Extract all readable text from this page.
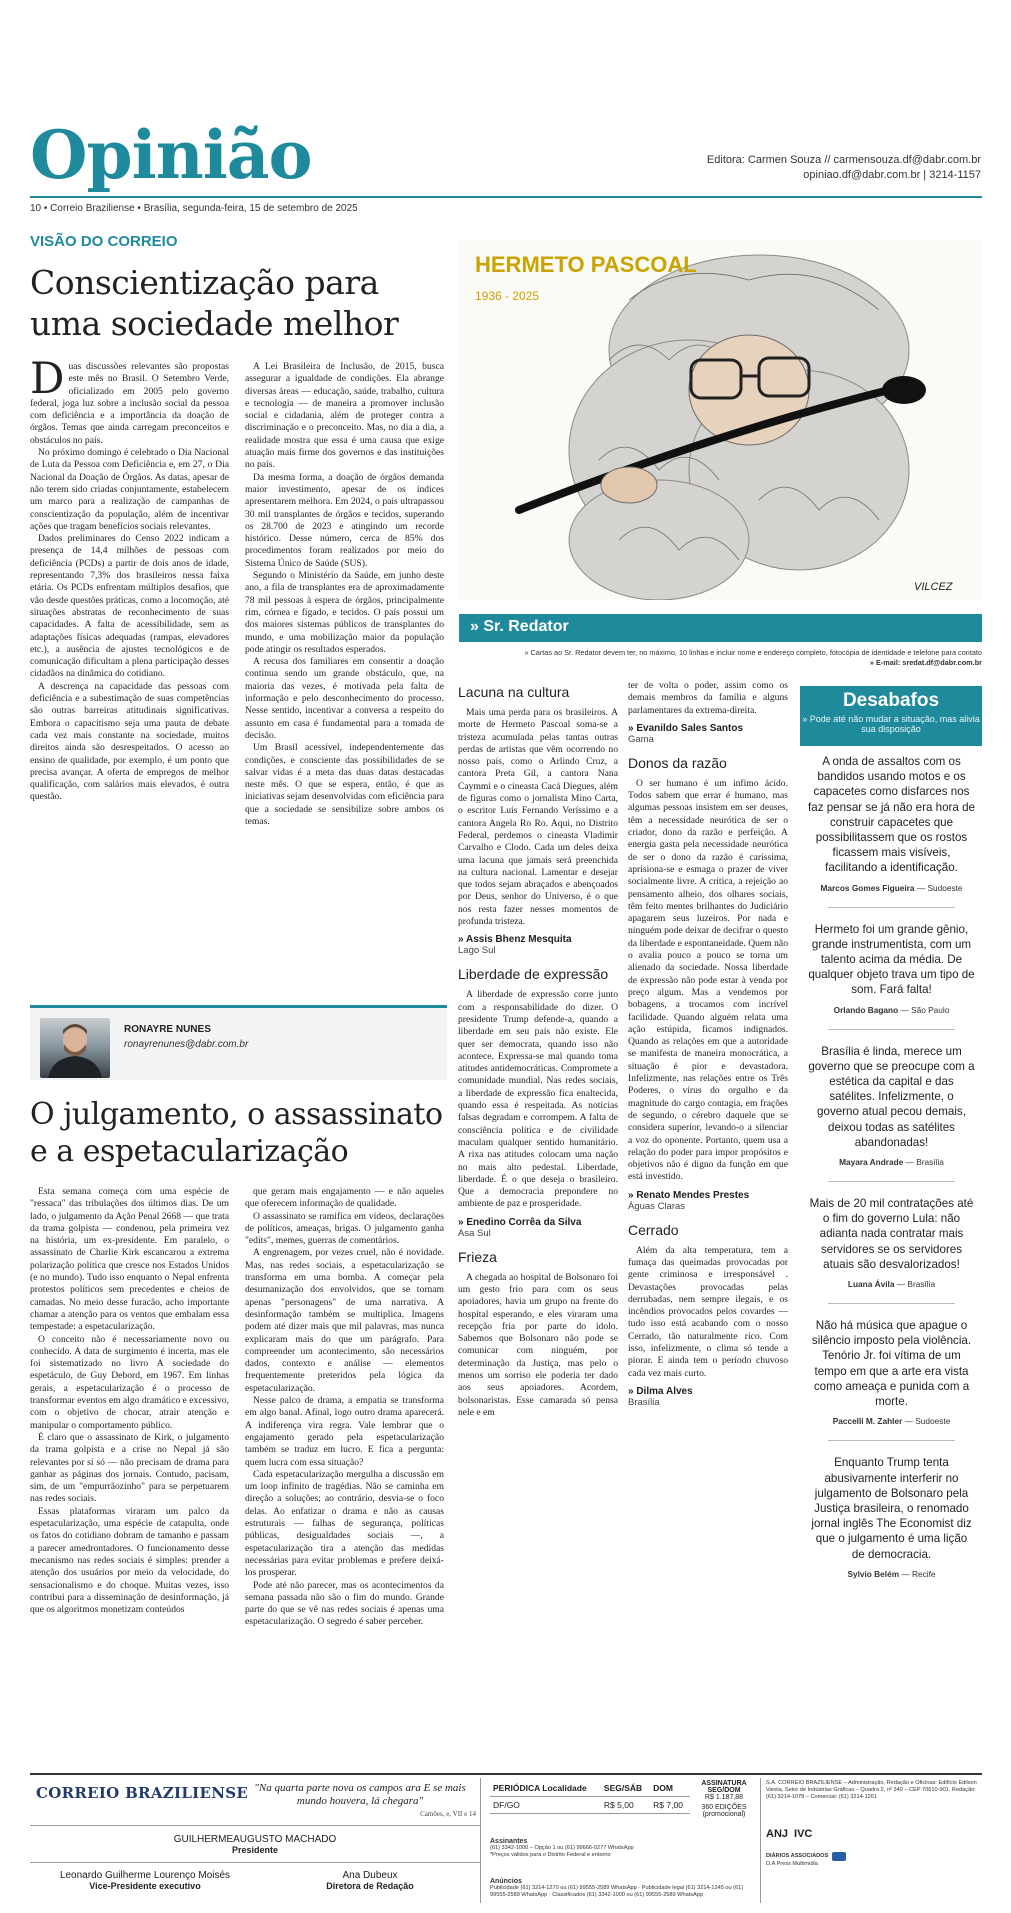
Opinião
10 • Correio Braziliense • Brasília, segunda-feira, 15 de setembro de 2025
Editora: Carmen Souza // carmensouza.df@dabr.com.br
opiniao.df@dabr.com.br | 3214-1157
VISÃO DO CORREIO
Conscientização para uma sociedade melhor

Duas discussões relevantes são propostas este mês no Brasil. O Setembro Verde, oficializado em 2005 pelo governo federal, joga luz sobre a inclusão social da pessoa com deficiência e a importância da doação de órgãos. Temas que ainda carregam preconceitos e obstáculos no país.

No próximo domingo é celebrado o Dia Nacional de Luta da Pessoa com Deficiência e, em 27, o Dia Nacional da Doação de Órgãos. As datas, apesar de não terem sido criadas conjuntamente, estabelecem um marco para a realização de campanhas de conscientização da população, além de incentivar ações que tragam benefícios sociais relevantes.

Dados preliminares do Censo 2022 indicam a presença de 14,4 milhões de pessoas com deficiência (PCDs) a partir de dois anos de idade, representando 7,3% dos brasileiros nessa faixa etária. Os PCDs enfrentam múltiplos desafios, que vão desde questões práticas, como a locomoção, até situações abstratas de reconhecimento de suas capacidades. A falta de acessibilidade, sem as adaptações físicas adequadas (rampas, elevadores etc.), a ausência de ajustes tecnológicos e de comunicação dificultam a plena participação desses cidadãos na dinâmica do cotidiano.

A descrença na capacidade das pessoas com deficiência e a subestimação de suas competências são outras barreiras atitudinais significativas. Embora o capacitismo seja uma pauta de debate cada vez mais constante na sociedade, muitos direitos ainda são desrespeitados. O acesso ao ensino de qualidade, por exemplo, é um ponto que precisa avançar. A oferta de empregos de melhor qualificação, com salários mais elevados, é outra questão.

A Lei Brasileira de Inclusão, de 2015, busca assegurar a igualdade de condições. Ela abrange diversas áreas — educação, saúde, trabalho, cultura e tecnologia — de maneira a promover inclusão social e cidadania, além de proteger contra a discriminação e o preconceito. Mas, no dia a dia, a realidade mostra que essa é uma causa que exige atuação mais firme dos governos e das instituições no país.

Da mesma forma, a doação de órgãos demanda maior investimento, apesar de os índices apresentarem melhora. Em 2024, o país ultrapassou 30 mil transplantes de órgãos e tecidos, superando os 28.700 de 2023 e atingindo um recorde histórico. Desse número, cerca de 85% dos procedimentos foram realizados por meio do Sistema Único de Saúde (SUS).

Segundo o Ministério da Saúde, em junho deste ano, a fila de transplantes era de aproximadamente 78 mil pessoas à espera de órgãos, principalmente rim, córnea e fígado, e tecidos. O país possui um dos maiores sistemas públicos de transplantes do mundo, e uma mobilização maior da população pode atingir os resultados esperados.

A recusa dos familiares em consentir a doação continua sendo um grande obstáculo, que, na maioria das vezes, é motivada pela falta de informação e pelo desconhecimento do processo. Nesse sentido, incentivar a conversa a respeito do assunto em casa é fundamental para a tomada de decisão.

Um Brasil acessível, independentemente das condições, e consciente das possibilidades de se salvar vidas é a meta das duas datas destacadas neste mês. O que se espera, então, é que as iniciativas sejam desenvolvidas com eficiência para que a sociedade se sensibilize sobre ambos os temas.

RONAYRE NUNES
ronayrenunes@dabr.com.br
O julgamento, o assassinato e a espetacularização

Esta semana começa com uma espécie de "ressaca" das tribulações dos últimos dias. De um lado, o julgamento da Ação Penal 2668 — que trata da trama golpista — condenou, pela primeira vez na história, um ex-presidente. Em paralelo, o assassinato de Charlie Kirk escancarou a extrema polarização política que cresce nos Estados Unidos (e no mundo). Tudo isso enquanto o Nepal enfrenta protestos políticos sem precedentes e cheios de camadas. No meio desse furacão, acho importante chamar a atenção para os ventos que embalam essa tempestade: a espetacularização.

O conceito não é necessariamente novo ou conhecido. A data de surgimento é incerta, mas ele foi sistematizado no livro A sociedade do espetáculo, de Guy Debord, em 1967. Em linhas gerais, a espetacularização é o processo de transformar eventos em algo dramático e excessivo, com o objetivo de chocar, atrair atenção e manipular o comportamento público.

É claro que o assassinato de Kirk, o julgamento da trama golpista e a crise no Nepal já são relevantes por si só — não precisam de drama para ganhar as páginas dos jornais. Contudo, pacisam, sim, de um "empurrãozinho" para se perpetuarem nas redes sociais.

Essas plataformas viraram um palco da espetacularização, uma espécie de catapulta, onde os fatos do cotidiano dobram de tamanho e passam a parecer amedrontadores. O funcionamento desse mecanismo nas redes sociais é simples: prender a atenção dos usuários por meio da velocidade, do sensacionalismo e do choque. Muitas vezes, isso contribui para a disseminação de desinformação, já que os algoritmos monetizam conteúdos

que geram mais engajamento — e não aqueles que oferecem informação de qualidade.

O assassinato se ramifica em vídeos, declarações de políticos, ameaças, brigas. O julgamento ganha "edits", memes, guerras de comentários.

A engrenagem, por vezes cruel, não é novidade. Mas, nas redes sociais, a espetacularização se transforma em uma bomba. A começar pela desumanização dos envolvidos, que se tornam apenas "personagens" de uma narrativa. A desinformação também se multiplica. Imagens podem até dizer mais que mil palavras, mas nunca explicaram mais do que um parágrafo. Para compreender um acontecimento, são necessários dados, contexto e análise — elementos frequentemente preteridos pela lógica da espetacularização.

Nesse palco de drama, a empatia se transforma em algo banal. Afinal, logo outro drama aparecerá. A indiferença vira regra. Vale lembrar que o engajamento gerado pela espetacularização também se traduz em lucro. E fica a pergunta: quem lucra com essa situação?

Cada espetacularização mergulha a discussão em um loop infinito de tragédias. Não se caminha em direção a soluções; ao contrário, desvia-se o foco delas. Ao enfatizar o drama e não as causas estruturais — falhas de segurança, políticas públicas, desigualdades sociais —, a espetacularização tira a atenção das medidas necessárias para evitar problemas e prefere deixá-los prosperar.

Pode até não parecer, mas os acontecimentos da semana passada não são o fim do mundo. Grande parte do que se vê nas redes sociais é apenas uma espetacularização. O segredo é saber perceber.

HERMETO PASCOAL
1936 - 2025
VILCEZ
» Sr. Redator
» Cartas ao Sr. Redator devem ter, no máximo, 10 linhas e incluir nome e endereço completo, fotocópia de identidade e telefone para contato
» E-mail: sredat.df@dabr.com.br
Lacuna na cultura

Mais uma perda para os brasileiros. A morte de Hermeto Pascoal soma-se a tristeza acumulada pelas tantas outras perdas de artistas que vêm ocorrendo no nosso país, como o Arlindo Cruz, a cantora Preta Gil, a cantora Nana Caymmi e o cineasta Cacá Diegues, além de figuras como o jornalista Mino Carta, o escritor Luís Fernando Veríssimo e a cantora Angela Ro Ro. Aqui, no Distrito Federal, perdemos o cineasta Vladimir Carvalho e Clodo. Cada um deles deixa uma lacuna que jamais será preenchida na cultura nacional. Lamentar e desejar que todos sejam abraçados e abençoados por Deus, senhor do Universo, é o que nos resta fazer nesses momentos de profunda tristeza.

» Assis Bhenz Mesquita
Lago Sul
Liberdade de expressão

A liberdade de expressão corre junto com a responsabilidade do dizer. O presidente Trump defende-a, quando a liberdade em seu país não existe. Ele quer ser democrata, quando isso não acontece. Expressa-se mal quando toma atitudes antidemocráticas. Compromete a comunidade mundial. Nas redes sociais, a liberdade de expressão fica enaltecida, quando essa é respeitada. As notícias falsas degradam e corrompem. A falta de consciência política e de civilidade maculam qualquer sentido humanitário. A rixa nas atitudes colocam uma nação no mais alto pedestal. Liberdade, liberdade. É o que deseja o brasileiro. Que a democracia prepondere no ambiente de paz e prosperidade.

» Enedino Corrêa da Silva
Asa Sul
Frieza

A chegada ao hospital de Bolsonaro foi um gesto frio para com os seus apoiadores, havia um grupo na frente do hospital esperando, e eles viraram uma recepção fria por parte do ídolo. Sabemos que Bolsonaro não pode se comunicar com ninguém, por determinação da Justiça, mas pelo o menos um sorriso ele poderia ter dado aos seus apoiadores. Acordem, bolsonaristas. Esse camarada só pensa nele e em

ter de volta o poder, assim como os demais membros da família e alguns parlamentares da extrema-direita.

» Evanildo Sales Santos
Gama
Donos da razão

O ser humano é um ínfimo ácido. Todos sabem que errar é humano, mas algumas pessoas insistem em ser deuses, têm a necessidade neurótica de ser o criador, dono da razão e perfeição. A energia gasta pela necessidade neurótica de ser o dono da razão é caríssima, aprisiona-se e esmaga o prazer de viver socialmente livre. A crítica, a rejeição ao pensamento alheio, dos olhares sociais, têm feito mentes brilhantes do Judiciário apagarem seus luzeiros. Por nada e ninguém pode deixar de decifrar o questo da liberdade e espontaneidade. Quem não o avalia pouco a pouco se torna um alienado da sociedade. Nossa liberdade de expressão não pode estar à venda por preço algum. Mas a vendemos por bobagens, a trocamos com incrível facilidade. Quando alguém relata uma ação estúpida, ficamos indignados. Quando as relações em que a autoridade se manifesta de maneira monocrática, a situação é pior e devastadora. Infelizmente, nas relações entre os Três Poderes, o vírus do orgulho e da magnitude do cargo contagia, em frações de segundo, o cérebro daquele que se considera superior, levando-o a silenciar a voz do oponente. Portanto, quem usa a relação do poder para impor propósitos e objetivos não é digno da função em que está investido.

» Renato Mendes Prestes
Águas Claras
Cerrado

Além da alta temperatura, tem a fumaça das queimadas provocadas por gente criminosa e irresponsável . Devastações provocadas pelas derrubadas, nem sempre ilegais, e os incêndios provocados pelos covardes — tudo isso está acabando com o nosso Cerrado, tão naturalmente rico. Com isso, infelizmente, o clima só tende a piorar. E ainda tem o período chuvoso cada vez mais curto.

» Dilma Alves
Brasília
Desabafos
» Pode até não mudar a situação, mas alivia sua disposição
A onda de assaltos com os bandidos usando motos e os capacetes como disfarces nos faz pensar se já não era hora de construir capacetes que possibilitassem que os rostos ficassem mais visíveis, facilitando a identificação.
Marcos Gomes Figueira — Sudoeste
Hermeto foi um grande gênio, grande instrumentista, com um talento acima da média. De qualquer objeto trava um tipo de som. Fará falta!
Orlando Bagano — São Paulo
Brasília é linda, merece um governo que se preocupe com a estética da capital e das satélites. Infelizmente, o governo atual pecou demais, deixou todas as satélites abandonadas!
Mayara Andrade — Brasília
Mais de 20 mil contratações até o fim do governo Lula: não adianta nada contratar mais servidores se os servidores atuais são desvalorizados!
Luana Ávila — Brasília
Não há música que apague o silêncio imposto pela violência. Tenório Jr. foi vítima de um tempo em que a arte era vista como ameaça e punida com a morte.
Paccelli M. Zahler — Sudoeste
Enquanto Trump tenta abusivamente interferir no julgamento de Bolsonaro pela Justiça brasileira, o renomado jornal inglês The Economist diz que o julgamento é uma lição de democracia.
Sylvio Belém — Recife
CORREIO BRAZILIENSE "Na quarta parte nova os campos ara E se mais mundo houvera, lá chegara"
Camões, e, VII e 14
GUILHERMEAUGUSTO MACHADO
Presidente
Leonardo Guilherme Lourenço Moisés
Vice-Presidente executivo
Ana Dubeux
Diretora de Redação
PERIÓDICA Localidade	SEG/SÁB	DOM
DF/GO	R$ 5,00	R$ 7,00
ASSINATURA SEG/DOM
R$ 1.187,88
360 EDIÇÕES (promocional)
Assinantes
(61) 3342-1000 – Opção 1 ou (61) 99666-0277 WhatsApp
*Preços válidos para o Distrito Federal e entorno
Anúncios
Publicidade (61) 3214-1270 ou (61) 99555-2589 WhatsApp · Publicidade legal (61) 3214-1245 ou (61) 99555-2589 WhatsApp · Classificados (61) 3342-1000 ou (61) 99555-2589 WhatsApp
S.A. CORREIO BRAZILIENSE – Administração, Redação e Oficinas: Edifício Edilson Varela, Setor de Indústrias Gráficas – Quadra 2, nº 340 – CEP 70610-901. Redação: (61) 3214-1078 – Comercial: (61) 3214-1261
ANJ IVC
DIÁRIOS ASSOCIADOS
D.A Press Multimídia
